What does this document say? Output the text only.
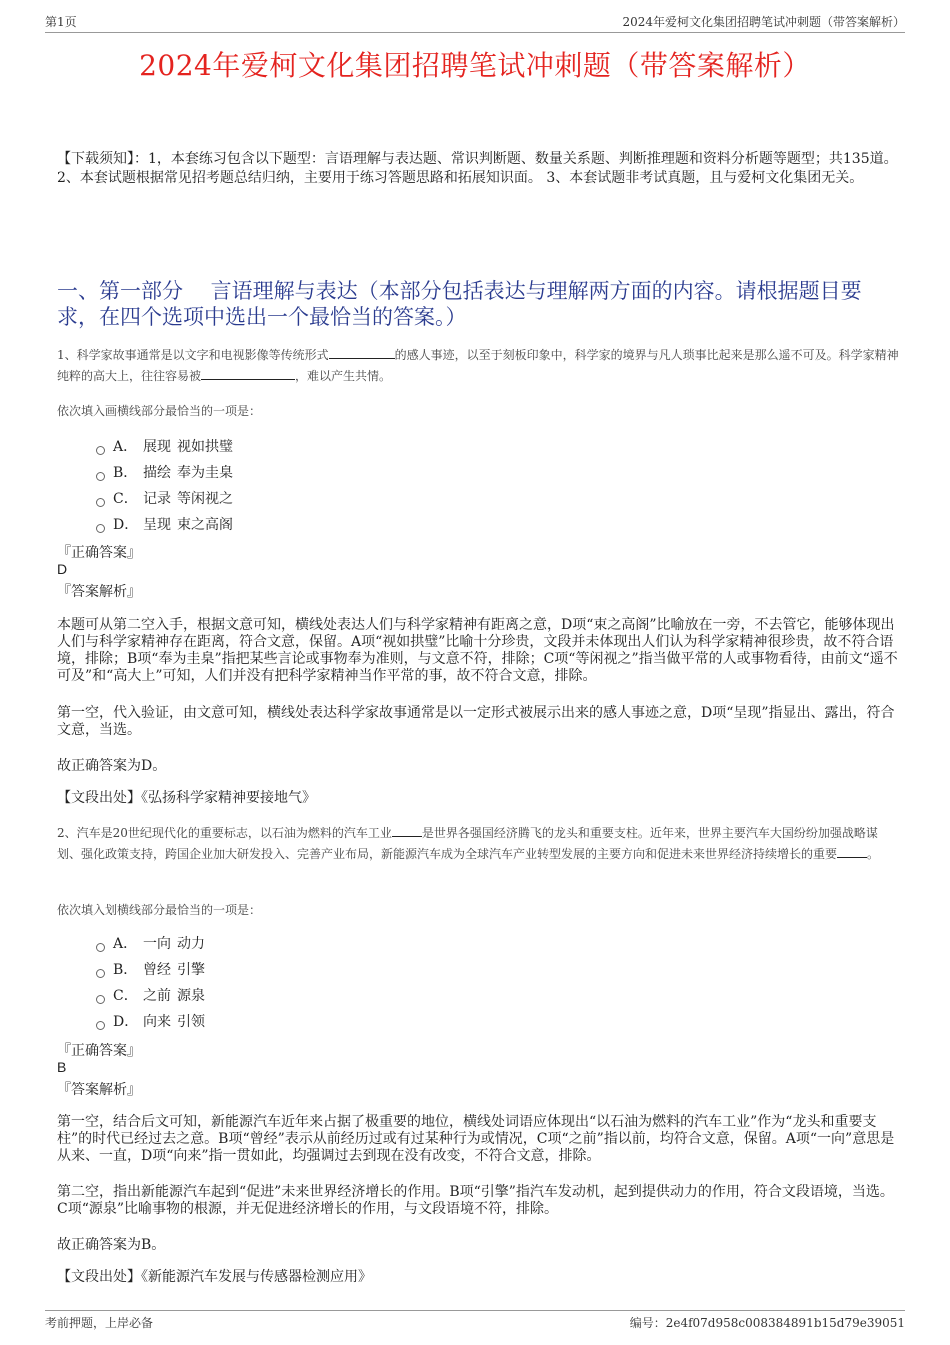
第1页	2024年爱柯文化集团招聘笔试冲刺题（带答案解析）
2024年爱柯文化集团招聘笔试冲刺题（带答案解析）
【下载须知】：1，本套练习包含以下题型：言语理解与表达题、常识判断题、数量关系题、判断推理题和资料分析题等题型；共135道。 2、本套试题根据常见招考题总结归纳，主要用于练习答题思路和拓展知识面。 3、本套试题非考试真题，且与爱柯文化集团无关。
一、第一部分　 言语理解与表达（本部分包括表达与理解两方面的内容。请根据题目要求，在四个选项中选出一个最恰当的答案。）
1、科学家故事通常是以文字和电视影像等传统形式	的感人事迹，以至于刻板印象中，科学家的境界与凡人琐事比起来是那么遥不可及。科学家精神纯粹的高大上，往往容易被	，难以产生共情。
依次填入画横线部分最恰当的一项是：
A． 展现 视如拱璧
B． 描绘 奉为圭臬
C． 记录 等闲视之
D． 呈现 束之高阁
『正确答案』
D
『答案解析』
本题可从第二空入手，根据文意可知，横线处表达人们与科学家精神有距离之意，D项“束之高阁”比喻放在一旁，不去管它，能够体现出人们与科学家精神存在距离，符合文意，保留。A项“视如拱璧”比喻十分珍贵，文段并未体现出人们认为科学家精神很珍贵，故不符合语境，排除；B项“奉为圭臬”指把某些言论或事物奉为准则，与文意不符，排除；C项“等闲视之”指当做平常的人或事物看待，由前文“遥不可及”和“高大上”可知，人们并没有把科学家精神当作平常的事，故不符合文意，排除。
第一空，代入验证，由文意可知，横线处表达科学家故事通常是以一定形式被展示出来的感人事迹之意，D项“呈现”指显出、露出，符合文意，当选。
故正确答案为D。
【文段出处】《弘扬科学家精神要接地气》
2、汽车是20世纪现代化的重要标志，以石油为燃料的汽车工业	是世界各强国经济腾飞的龙头和重要支柱。近年来，世界主要汽车大国纷纷加强战略谋划、强化政策支持，跨国企业加大研发投入、完善产业布局，新能源汽车成为全球汽车产业转型发展的主要方向和促进未来世界经济持续增长的重要	。
依次填入划横线部分最恰当的一项是：
A． 一向 动力
B． 曾经 引擎
C． 之前 源泉
D． 向来 引领
『正确答案』
B
『答案解析』
第一空，结合后文可知，新能源汽车近年来占据了极重要的地位，横线处词语应体现出“以石油为燃料的汽车工业”作为“龙头和重要支柱”的时代已经过去之意。B项“曾经”表示从前经历过或有过某种行为或情况，C项“之前”指以前，均符合文意，保留。A项“一向”意思是从来、一直，D项“向来”指一贯如此，均强调过去到现在没有改变，不符合文意，排除。
第二空，指出新能源汽车起到“促进”未来世界经济增长的作用。B项“引擎”指汽车发动机，起到提供动力的作用，符合文段语境，当选。C项“源泉”比喻事物的根源，并无促进经济增长的作用，与文段语境不符，排除。
故正确答案为B。
【文段出处】《新能源汽车发展与传感器检测应用》
考前押题，上岸必备	编号：2e4f07d958c008384891b15d79e39051
